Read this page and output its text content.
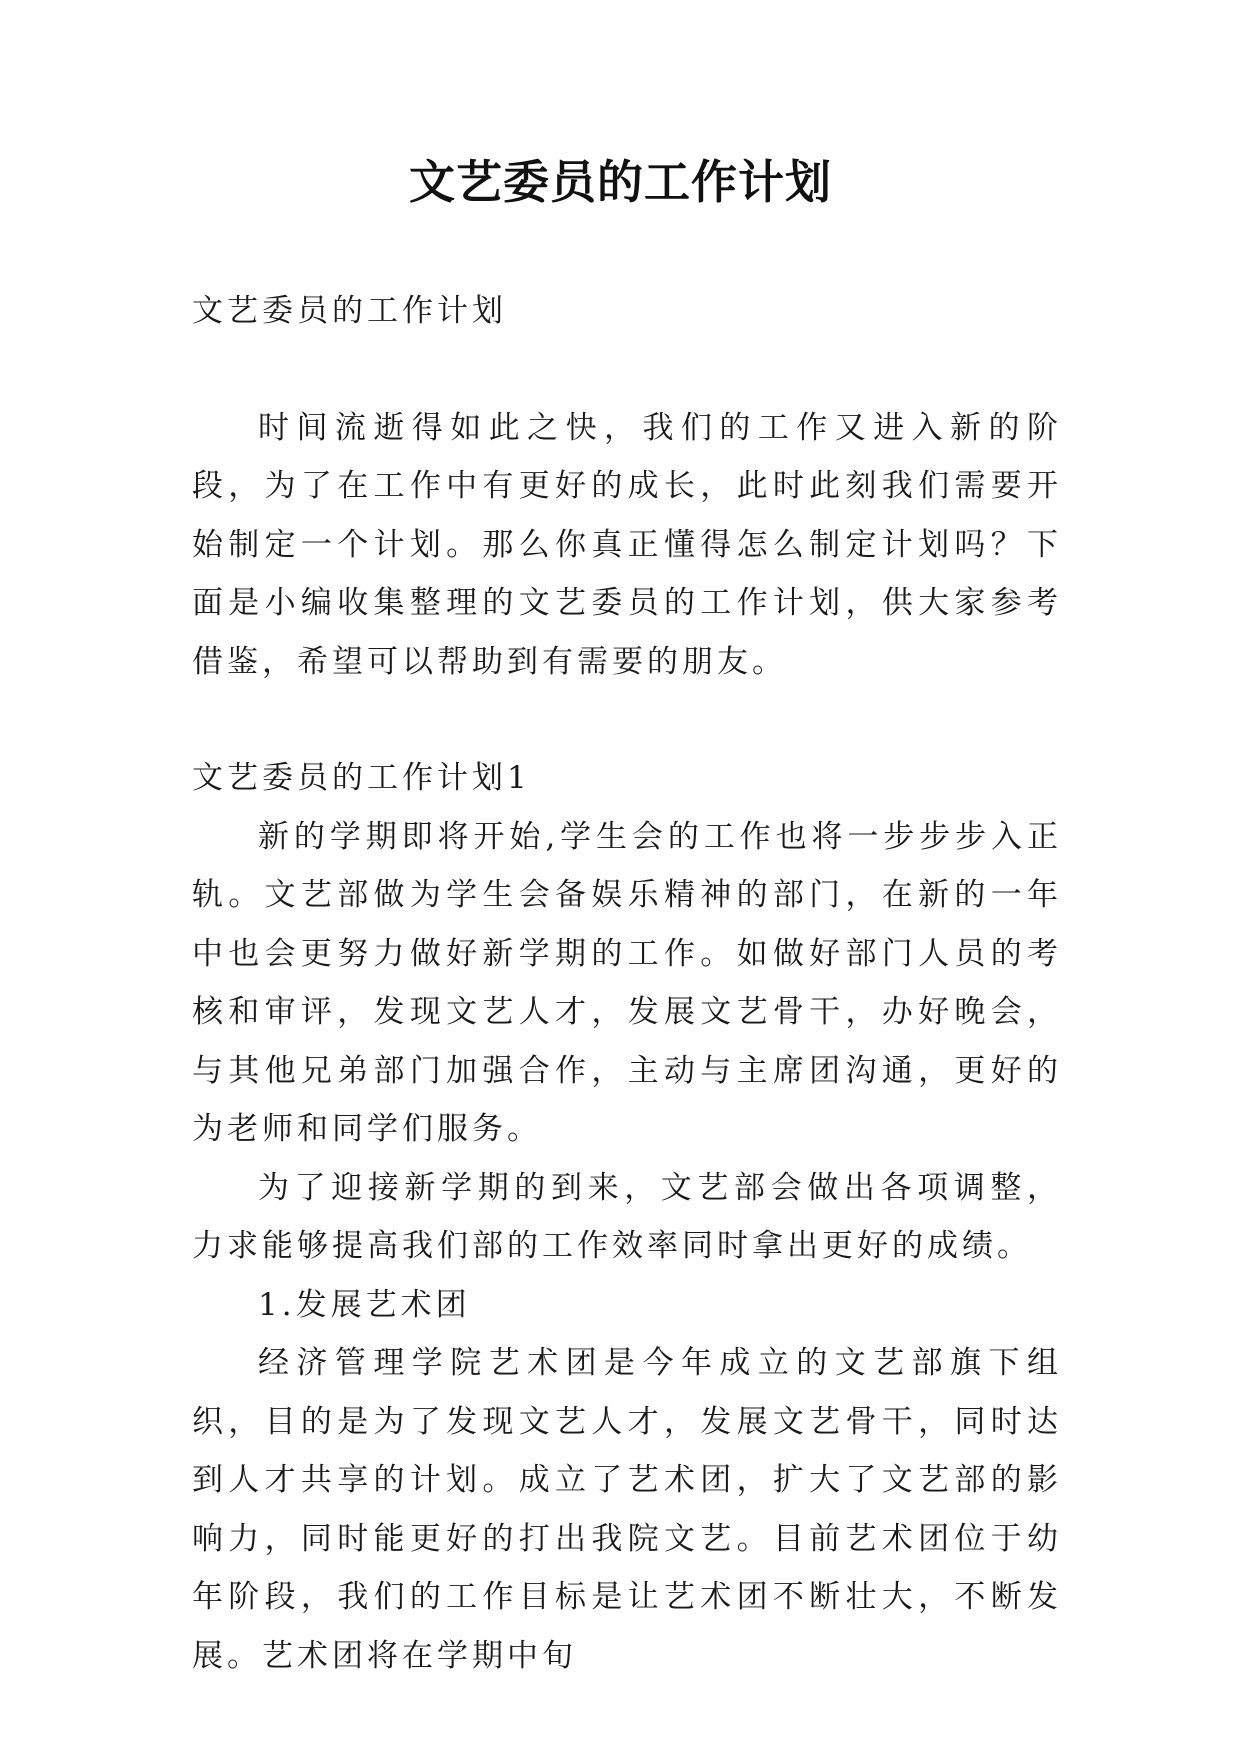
文艺委员的工作计划

文艺委员的工作计划

时间流逝得如此之快，我们的工作又进入新的阶段，为了在工作中有更好的成长，此时此刻我们需要开始制定一个计划。那么你真正懂得怎么制定计划吗？下面是小编收集整理的文艺委员的工作计划，供大家参考借鉴，希望可以帮助到有需要的朋友。

文艺委员的工作计划1

新的学期即将开始,学生会的工作也将一步步步入正轨。文艺部做为学生会备娱乐精神的部门，在新的一年中也会更努力做好新学期的工作。如做好部门人员的考核和审评，发现文艺人才，发展文艺骨干，办好晚会，与其他兄弟部门加强合作，主动与主席团沟通，更好的为老师和同学们服务。

为了迎接新学期的到来，文艺部会做出各项调整，力求能够提高我们部的工作效率同时拿出更好的成绩。

1.发展艺术团

经济管理学院艺术团是今年成立的文艺部旗下组织，目的是为了发现文艺人才，发展文艺骨干，同时达到人才共享的计划。成立了艺术团，扩大了文艺部的影响力，同时能更好的打出我院文艺。目前艺术团位于幼年阶段，我们的工作目标是让艺术团不断壮大，不断发展。艺术团将在学期中旬
